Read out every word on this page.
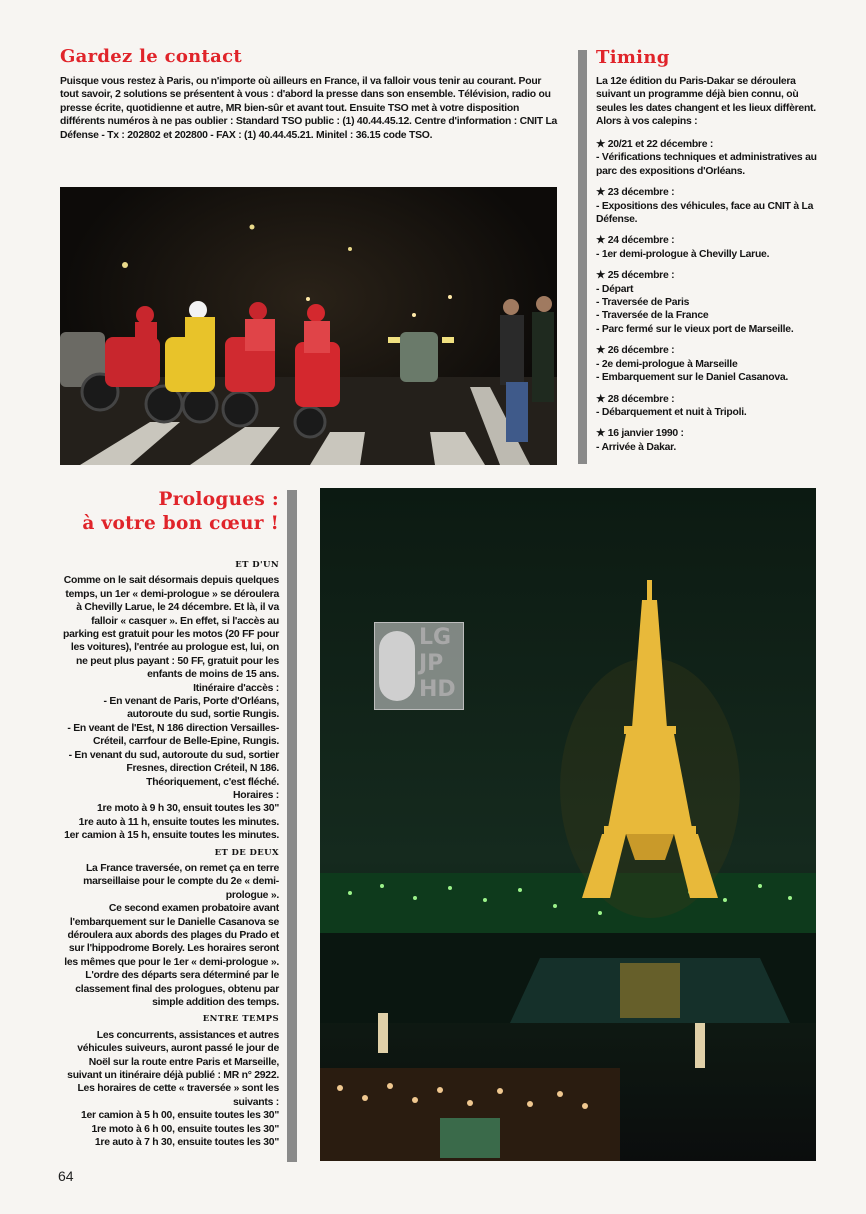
Gardez le contact
Puisque vous restez à Paris, ou n'importe où ailleurs en France, il va falloir vous tenir au courant. Pour tout savoir, 2 solutions se présentent à vous : d'abord la presse dans son ensemble. Télévision, radio ou presse écrite, quotidienne et autre, MR bien-sûr et avant tout. Ensuite TSO met à votre disposition différents numéros à ne pas oublier : Standard TSO public : (1) 40.44.45.12. Centre d'information : CNIT La Défense - Tx : 202802 et 202800 - FAX : (1) 40.44.45.21. Minitel : 36.15 code TSO.
Timing
La 12e édition du Paris-Dakar se déroulera suivant un programme déjà bien connu, où seules les dates changent et les lieux diffèrent. Alors à vos calepins :
★ 20/21 et 22 décembre :
- Vérifications techniques et administratives au parc des expositions d'Orléans.
★ 23 décembre :
- Expositions des véhicules, face au CNIT à La Défense.
★ 24 décembre :
- 1er demi-prologue à Chevilly Larue.
★ 25 décembre :
- Départ
- Traversée de Paris
- Traversée de la France
- Parc fermé sur le vieux port de Marseille.
★ 26 décembre :
- 2e demi-prologue à Marseille
- Embarquement sur le Daniel Casanova.
★ 28 décembre :
- Débarquement et nuit à Tripoli.
★ 16 janvier 1990 :
- Arrivée à Dakar.
Prologues :
à votre bon cœur !
ET D'UN

Comme on le sait désormais depuis quelques temps, un 1er « demi-prologue » se déroulera à Chevilly Larue, le 24 décembre. Et là, il va falloir « casquer ». En effet, si l'accès au parking est gratuit pour les motos (20 FF pour les voitures), l'entrée au prologue est, lui, on ne peut plus payant : 50 FF, gratuit pour les enfants de moins de 15 ans.

Itinéraire d'accès :

- En venant de Paris, Porte d'Orléans, autoroute du sud, sortie Rungis.

- En veant de l'Est, N 186 direction Versailles-Créteil, carrfour de Belle-Epine, Rungis.

- En venant du sud, autoroute du sud, sortier Fresnes, direction Créteil, N 186.

Théoriquement, c'est fléché.

Horaires :

1re moto à 9 h 30, ensuit toutes les 30"

1re auto à 11 h, ensuite toutes les minutes.

1er camion à 15 h, ensuite toutes les minutes.

ET DE DEUX

La France traversée, on remet ça en terre marseillaise pour le compte du 2e « demi-prologue ».

Ce second examen probatoire avant l'embarquement sur le Danielle Casanova se déroulera aux abords des plages du Prado et sur l'hippodrome Borely. Les horaires seront les mêmes que pour le 1er « demi-prologue ». L'ordre des départs sera déterminé par le classement final des prologues, obtenu par simple addition des temps.

ENTRE TEMPS

Les concurrents, assistances et autres véhicules suiveurs, auront passé le jour de Noël sur la route entre Paris et Marseille, suivant un itinéraire déjà publié : MR n° 2922.

Les horaires de cette « traversée » sont les suivants :

1er camion à 5 h 00, ensuite toutes les 30"

1re moto à 6 h 00, ensuite toutes les 30"

1re auto à 7 h 30, ensuite toutes les 30"

LG
JP
HD
64
